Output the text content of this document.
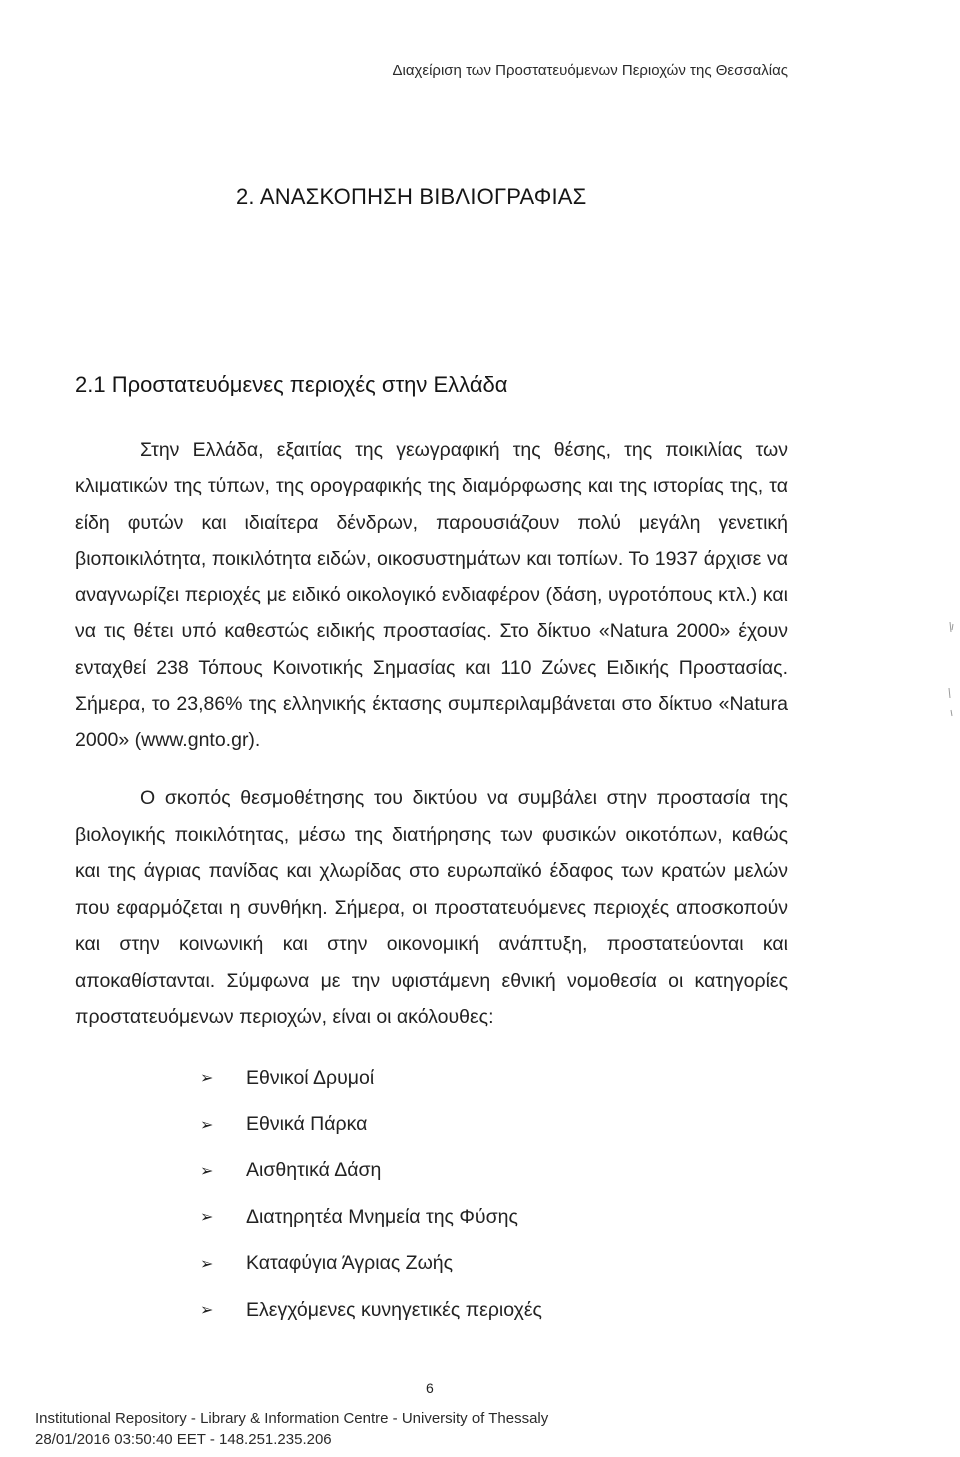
Διαχείριση των Προστατευόμενων Περιοχών της Θεσσαλίας
2. ΑΝΑΣΚΟΠΗΣΗ ΒΙΒΛΙΟΓΡΑΦΙΑΣ
2.1 Προστατευόμενες περιοχές στην Ελλάδα

Στην Ελλάδα, εξαιτίας της γεωγραφική της θέσης, της ποικιλίας των κλιματικών της τύπων, της ορογραφικής της διαμόρφωσης και της ιστορίας της, τα είδη φυτών και ιδιαίτερα δένδρων, παρουσιάζουν πολύ μεγάλη γενετική βιοποικιλότητα, ποικιλότητα ειδών, οικοσυστημάτων και τοπίων. Το 1937 άρχισε να αναγνωρίζει περιοχές με ειδικό οικολογικό ενδιαφέρον (δάση, υγροτόπους κτλ.) και να τις θέτει υπό καθεστώς ειδικής προστασίας. Στο δίκτυο «Natura 2000» έχουν ενταχθεί 238 Τόπους Κοινοτικής Σημασίας και 110 Ζώνες Ειδικής Προστασίας. Σήμερα, το 23,86% της ελληνικής έκτασης συμπεριλαμβάνεται στο δίκτυο «Natura 2000» (www.gnto.gr).

Ο σκοπός θεσμοθέτησης του δικτύου να συμβάλει στην προστασία της βιολογικής ποικιλότητας, μέσω της διατήρησης των φυσικών οικοτόπων, καθώς και της άγριας πανίδας και χλωρίδας στο ευρωπαϊκό έδαφος των κρατών μελών που εφαρμόζεται η συνθήκη. Σήμερα, οι προστατευόμενες περιοχές αποσκοπούν και στην κοινωνική και στην οικονομική ανάπτυξη, προστατεύονται και αποκαθίστανται. Σύμφωνα με την υφιστάμενη εθνική νομοθεσία οι κατηγορίες προστατευόμενων περιοχών, είναι οι ακόλουθες:

➢	Εθνικοί Δρυμοί
➢	Εθνικά Πάρκα
➢	Αισθητικά Δάση
➢	Διατηρητέα Μνημεία της Φύσης
➢	Καταφύγια Άγριας Ζωής
➢	Ελεγχόμενες κυνηγετικές περιοχές
6
Institutional Repository - Library & Information Centre - University of Thessaly
28/01/2016 03:50:40 EET - 148.251.235.206
